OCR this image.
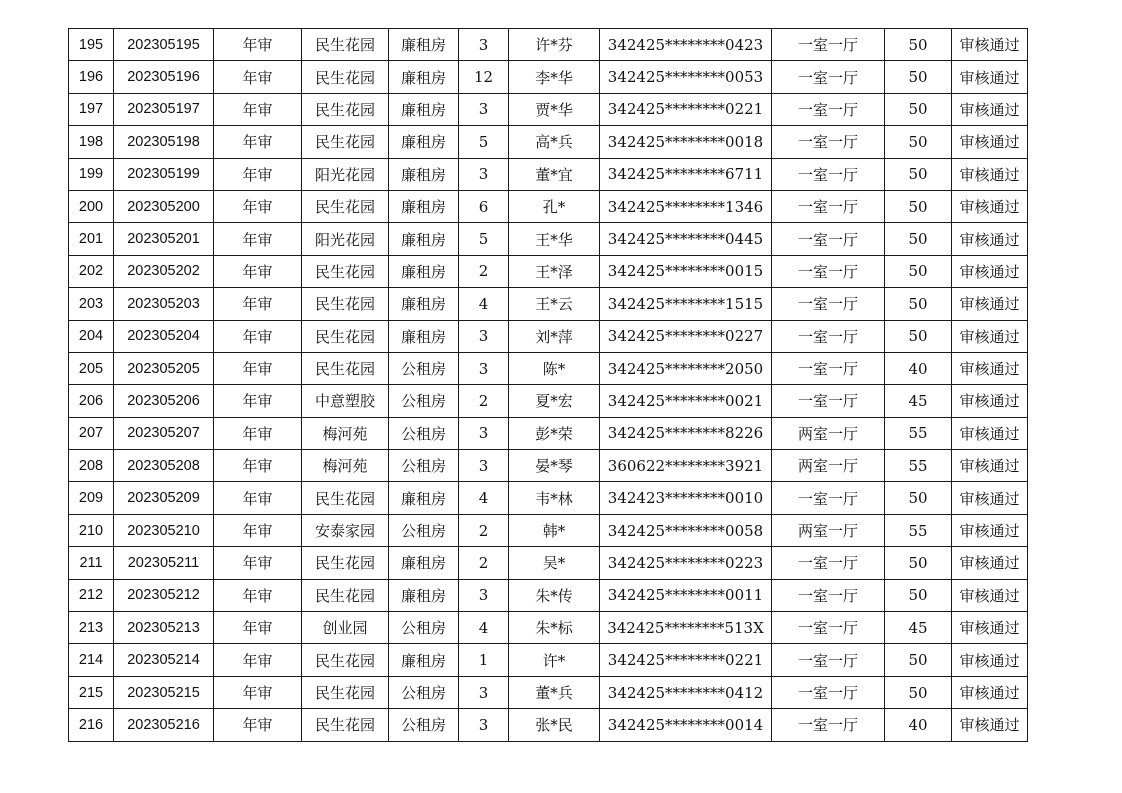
195	202305195	年审	民生花园	廉租房	3	许*芬	342425********0423	一室一厅	50	审核通过
196	202305196	年审	民生花园	廉租房	12	李*华	342425********0053	一室一厅	50	审核通过
197	202305197	年审	民生花园	廉租房	3	贾*华	342425********0221	一室一厅	50	审核通过
198	202305198	年审	民生花园	廉租房	5	高*兵	342425********0018	一室一厅	50	审核通过
199	202305199	年审	阳光花园	廉租房	3	董*宜	342425********6711	一室一厅	50	审核通过
200	202305200	年审	民生花园	廉租房	6	孔*	342425********1346	一室一厅	50	审核通过
201	202305201	年审	阳光花园	廉租房	5	王*华	342425********0445	一室一厅	50	审核通过
202	202305202	年审	民生花园	廉租房	2	王*泽	342425********0015	一室一厅	50	审核通过
203	202305203	年审	民生花园	廉租房	4	王*云	342425********1515	一室一厅	50	审核通过
204	202305204	年审	民生花园	廉租房	3	刘*萍	342425********0227	一室一厅	50	审核通过
205	202305205	年审	民生花园	公租房	3	陈*	342425********2050	一室一厅	40	审核通过
206	202305206	年审	中意塑胶	公租房	2	夏*宏	342425********0021	一室一厅	45	审核通过
207	202305207	年审	梅河苑	公租房	3	彭*荣	342425********8226	两室一厅	55	审核通过
208	202305208	年审	梅河苑	公租房	3	晏*琴	360622********3921	两室一厅	55	审核通过
209	202305209	年审	民生花园	廉租房	4	韦*林	342423********0010	一室一厅	50	审核通过
210	202305210	年审	安泰家园	公租房	2	韩*	342425********0058	两室一厅	55	审核通过
211	202305211	年审	民生花园	廉租房	2	吴*	342425********0223	一室一厅	50	审核通过
212	202305212	年审	民生花园	廉租房	3	朱*传	342425********0011	一室一厅	50	审核通过
213	202305213	年审	创业园	公租房	4	朱*标	342425********513X	一室一厅	45	审核通过
214	202305214	年审	民生花园	廉租房	1	许*	342425********0221	一室一厅	50	审核通过
215	202305215	年审	民生花园	公租房	3	董*兵	342425********0412	一室一厅	50	审核通过
216	202305216	年审	民生花园	公租房	3	张*民	342425********0014	一室一厅	40	审核通过
